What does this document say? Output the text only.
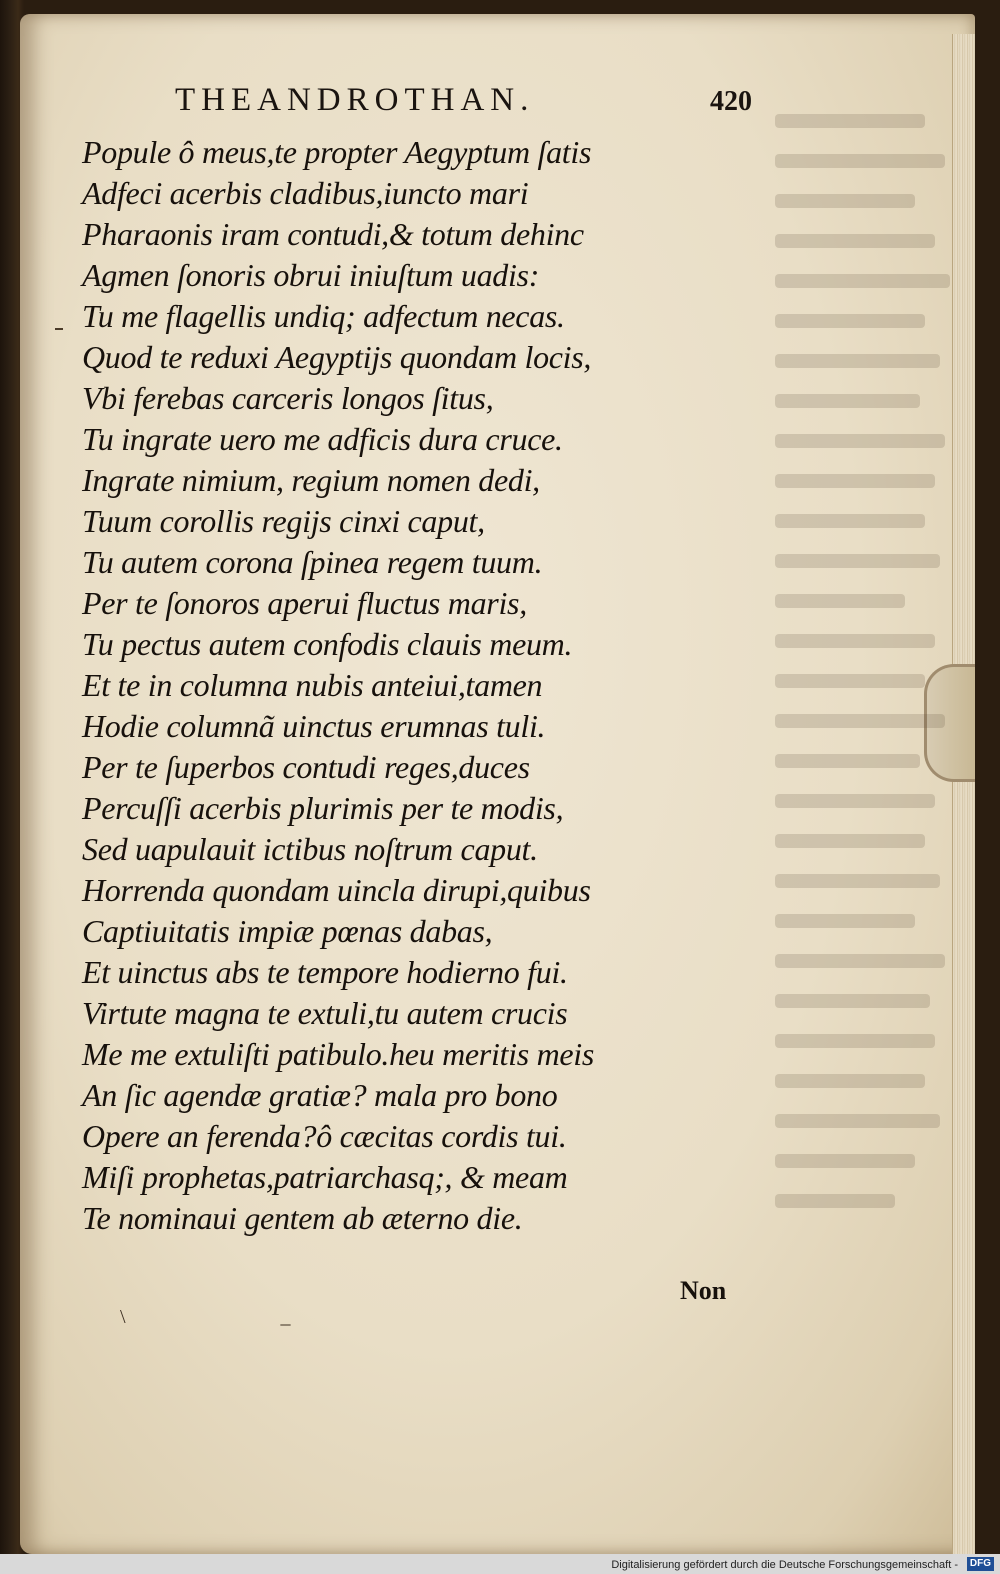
THEANDROTHAN.	420
Popule ô meus,te propter Aegyptum ſatis
Adfeci acerbis cladibus,iuncto mari
Pharaonis iram contudi,& totum dehinc
Agmen ſonoris obrui iniuſtum uadis:
Tu me flagellis undiq; adfectum necas.
Quod te reduxi Aegyptijs quondam locis,
Vbi ferebas carceris longos ſitus,
Tu ingrate uero me adficis dura cruce.
Ingrate nimium, regium nomen dedi,
Tuum corollis regijs cinxi caput,
Tu autem corona ſpinea regem tuum.
Per te ſonoros aperui fluctus maris,
Tu pectus autem confodis clauis meum.
Et te in columna nubis anteiui,tamen
Hodie columnã uinctus erumnas tuli.
Per te ſuperbos contudi reges,duces
Percuſſi acerbis plurimis per te modis,
Sed uapulauit ictibus noſtrum caput.
Horrenda quondam uincla dirupi,quibus
Captiuitatis impiæ pœnas dabas,
Et uinctus abs te tempore hodierno fui.
Virtute magna te extuli,tu autem crucis
Me me extuliſti patibulo.heu meritis meis
An ſic agendæ gratiæ? mala pro bono
Opere an ferenda?ô cæcitas cordis tui.
Miſi prophetas,patriarchasq;, & meam
Te nominaui gentem ab æterno die.
Non
\                               _
Digitalisierung gefördert durch die Deutsche Forschungsgemeinschaft -	DFG
